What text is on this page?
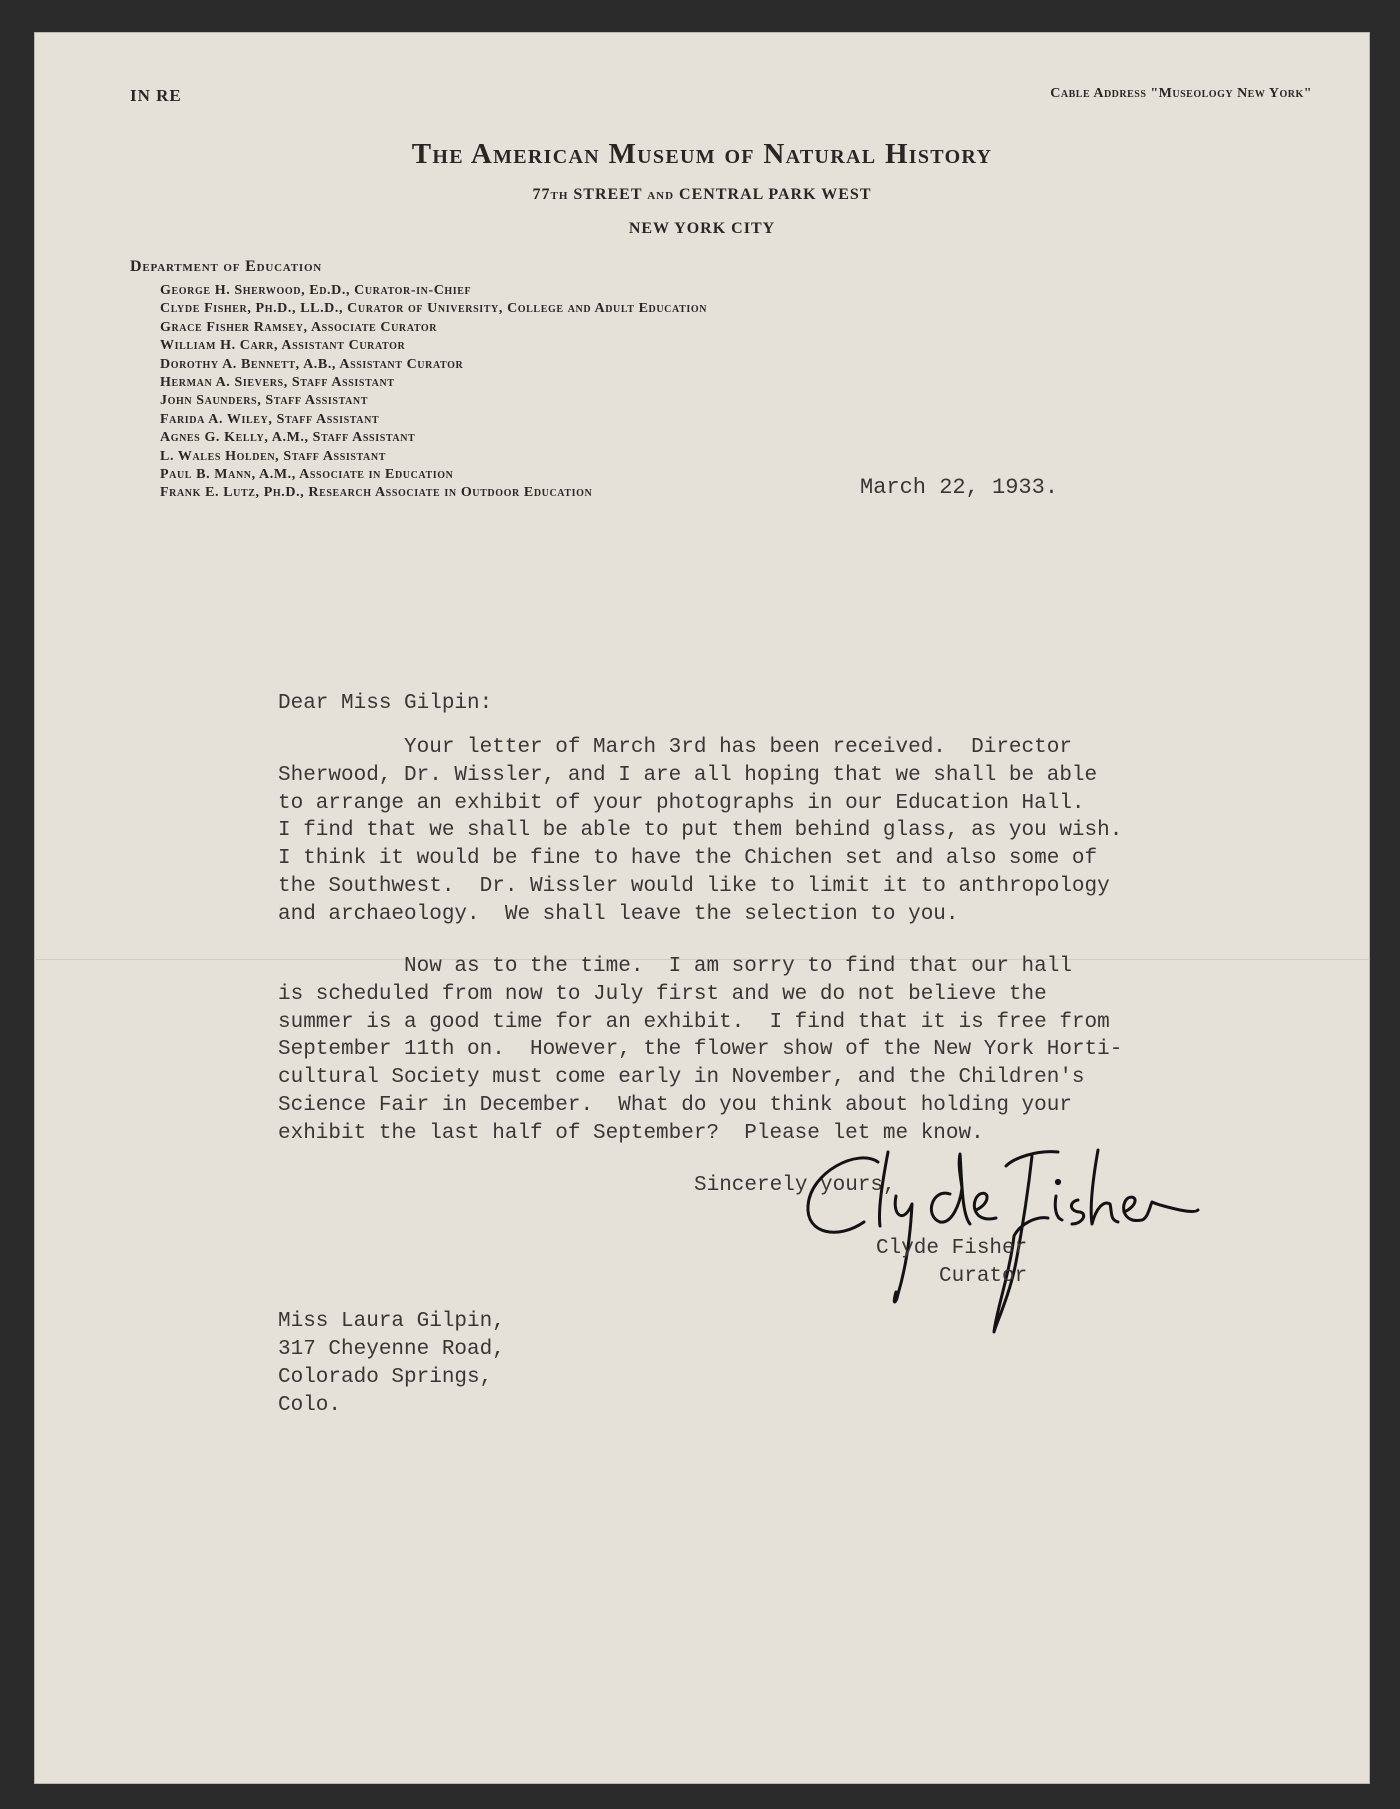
IN RE	Cable Address "Museology New York"
The American Museum of Natural History
77th STREET and CENTRAL PARK WEST
NEW YORK CITY
Department of Education
George H. Sherwood, Ed.D., Curator-in-Chief
Clyde Fisher, Ph.D., LL.D., Curator of University, College and Adult Education
Grace Fisher Ramsey, Associate Curator
William H. Carr, Assistant Curator
Dorothy A. Bennett, A.B., Assistant Curator
Herman A. Sievers, Staff Assistant
John Saunders, Staff Assistant
Farida A. Wiley, Staff Assistant
Agnes G. Kelly, A.M., Staff Assistant
L. Wales Holden, Staff Assistant
Paul B. Mann, A.M., Associate in Education
Frank E. Lutz, Ph.D., Research Associate in Outdoor Education	March 22, 1933.
Dear Miss Gilpin:

Your letter of March 3rd has been received.  Director
Sherwood, Dr. Wissler, and I are all hoping that we shall be able
to arrange an exhibit of your photographs in our Education Hall.
I find that we shall be able to put them behind glass, as you wish.
I think it would be fine to have the Chichen set and also some of
the Southwest.  Dr. Wissler would like to limit it to anthropology
and archaeology.  We shall leave the selection to you.

Now as to the time.  I am sorry to find that our hall
is scheduled from now to July first and we do not believe the
summer is a good time for an exhibit.  I find that it is free from
September 11th on.  However, the flower show of the New York Horti-
cultural Society must come early in November, and the Children's
Science Fair in December.  What do you think about holding your
exhibit the last half of September?  Please let me know.

Sincerely yours,
Clyde Fisher
Curator
Miss Laura Gilpin,
317 Cheyenne Road,
Colorado Springs,
Colo.
